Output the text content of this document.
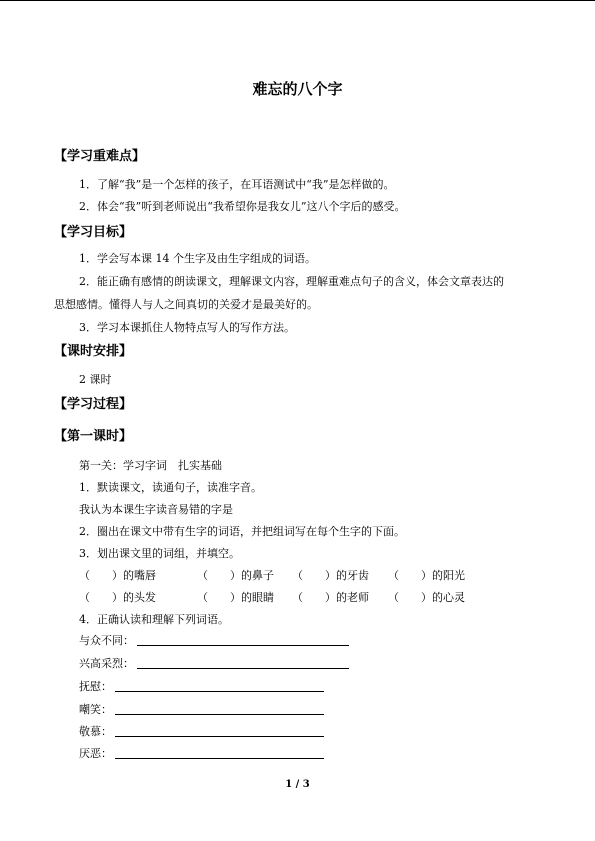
难忘的八个字
【学习重难点】
1．了解“我”是一个怎样的孩子，在耳语测试中“我”是怎样做的。
2．体会“我”听到老师说出“我希望你是我女儿”这八个字后的感受。
【学习目标】
1．学会写本课 14 个生字及由生字组成的词语。
2．能正确有感情的朗读课文，理解课文内容，理解重难点句子的含义，体会文章表达的
思想感情。懂得人与人之间真切的关爱才是最美好的。
3．学习本课抓住人物特点写人的写作方法。
【课时安排】
2 课时
【学习过程】
【第一课时】
第一关：学习字词　扎实基础
1．默读课文，读通句子，读准字音。
我认为本课生字读音易错的字是
2．圈出在课文中带有生字的词语，并把组词写在每个生字的下面。
3．划出课文里的词组，并填空。
（　　）的嘴唇	（　　）的鼻子 （　　）的牙齿 （　　）的阳光
（　　）的头发	（　　）的眼睛 （　　）的老师 （　　）的心灵
4．正确认读和理解下列词语。
与众不同：
兴高采烈：
抚慰：
嘲笑：
敬慕：
厌恶：
1 / 3
